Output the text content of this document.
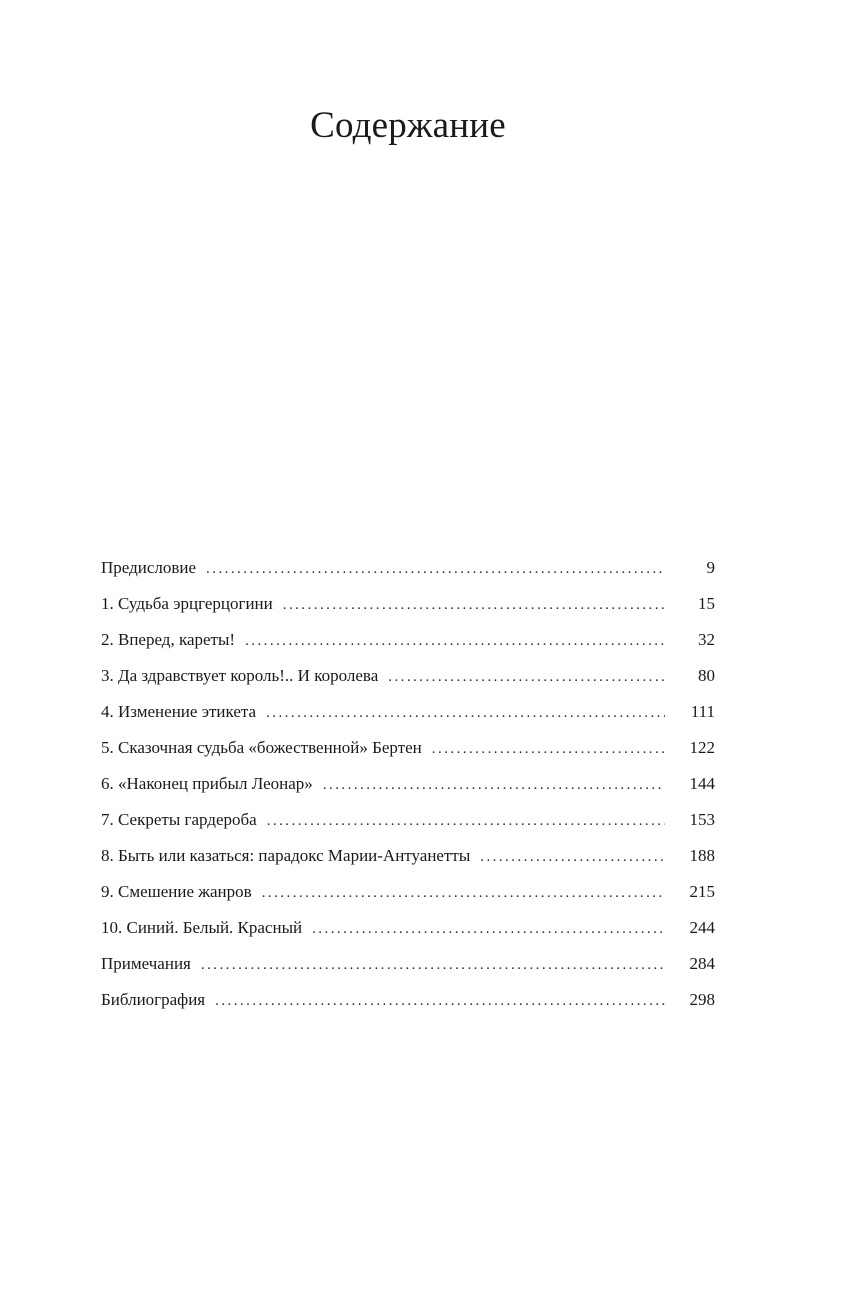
Содержание
Предисловие . . .	9
1. Судьба эрцгерцогини . . .	15
2. Вперед, кареты! . . .	32
3. Да здравствует король!.. И королева . . .	80
4. Изменение этикета . . .	111
5. Сказочная судьба «божественной» Бертен . . .	122
6. «Наконец прибыл Леонар» . . .	144
7. Секреты гардероба . . .	153
8. Быть или казаться: парадокс Марии-Антуанетты . . .	188
9. Смешение жанров . . .	215
10. Синий. Белый. Красный . . .	244
Примечания . . .	284
Библиография . . .	298
